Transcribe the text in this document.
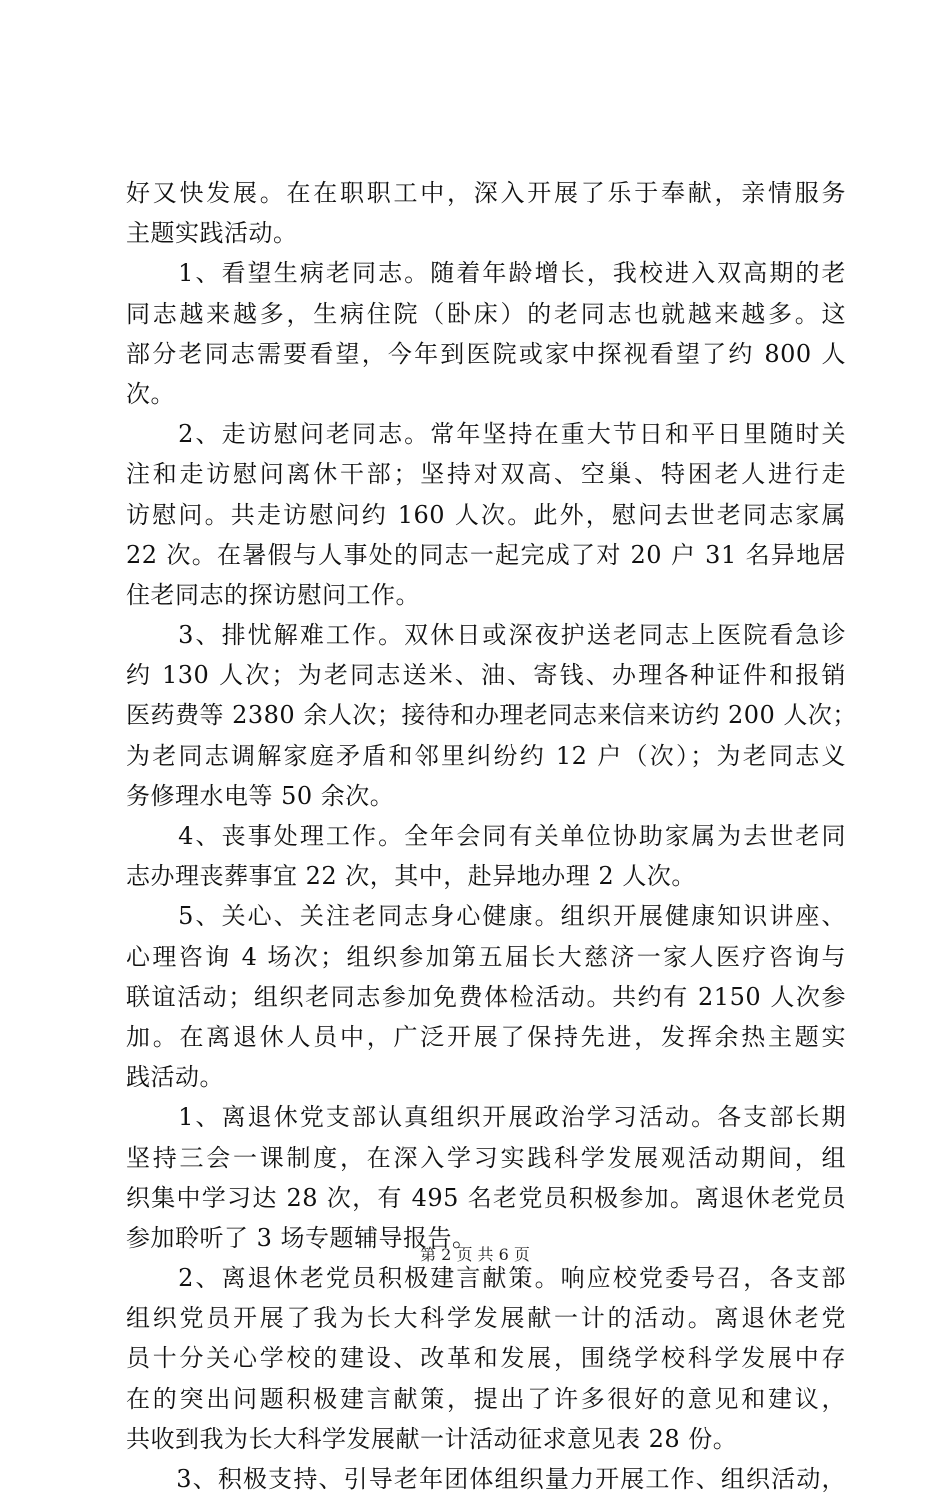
好又快发展。在在职职工中，深入开展了乐于奉献，亲情服务
主题实践活动。
　　1、看望生病老同志。随着年龄增长，我校进入双高期的老
同志越来越多，生病住院（卧床）的老同志也就越来越多。这
部分老同志需要看望，今年到医院或家中探视看望了约 800 人
次。
　　2、走访慰问老同志。常年坚持在重大节日和平日里随时关
注和走访慰问离休干部；坚持对双高、空巢、特困老人进行走
访慰问。共走访慰问约 160 人次。此外，慰问去世老同志家属
22 次。在暑假与人事处的同志一起完成了对 20 户 31 名异地居
住老同志的探访慰问工作。
　　3、排忧解难工作。双休日或深夜护送老同志上医院看急诊
约 130 人次；为老同志送米、油、寄钱、办理各种证件和报销
医药费等 2380 余人次；接待和办理老同志来信来访约 200 人次；
为老同志调解家庭矛盾和邻里纠纷约 12 户（次）；为老同志义
务修理水电等 50 余次。
　　4、丧事处理工作。全年会同有关单位协助家属为去世老同
志办理丧葬事宜 22 次，其中，赴异地办理 2 人次。
　　5、关心、关注老同志身心健康。组织开展健康知识讲座、
心理咨询 4 场次；组织参加第五届长大慈济一家人医疗咨询与
联谊活动；组织老同志参加免费体检活动。共约有 2150 人次参
加。在离退休人员中，广泛开展了保持先进，发挥余热主题实
践活动。
　　1、离退休党支部认真组织开展政治学习活动。各支部长期
坚持三会一课制度，在深入学习实践科学发展观活动期间，组
织集中学习达 28 次，有 495 名老党员积极参加。离退休老党员
参加聆听了 3 场专题辅导报告。
　　2、离退休老党员积极建言献策。响应校党委号召，各支部
组织党员开展了我为长大科学发展献一计的活动。离退休老党
员十分关心学校的建设、改革和发展，围绕学校科学发展中存
在的突出问题积极建言献策，提出了许多很好的意见和建议，
共收到我为长大科学发展献一计活动征求意见表 28 份。
　　3、积极支持、引导老年团体组织量力开展工作、组织活动，
第 2 页 共 6 页
